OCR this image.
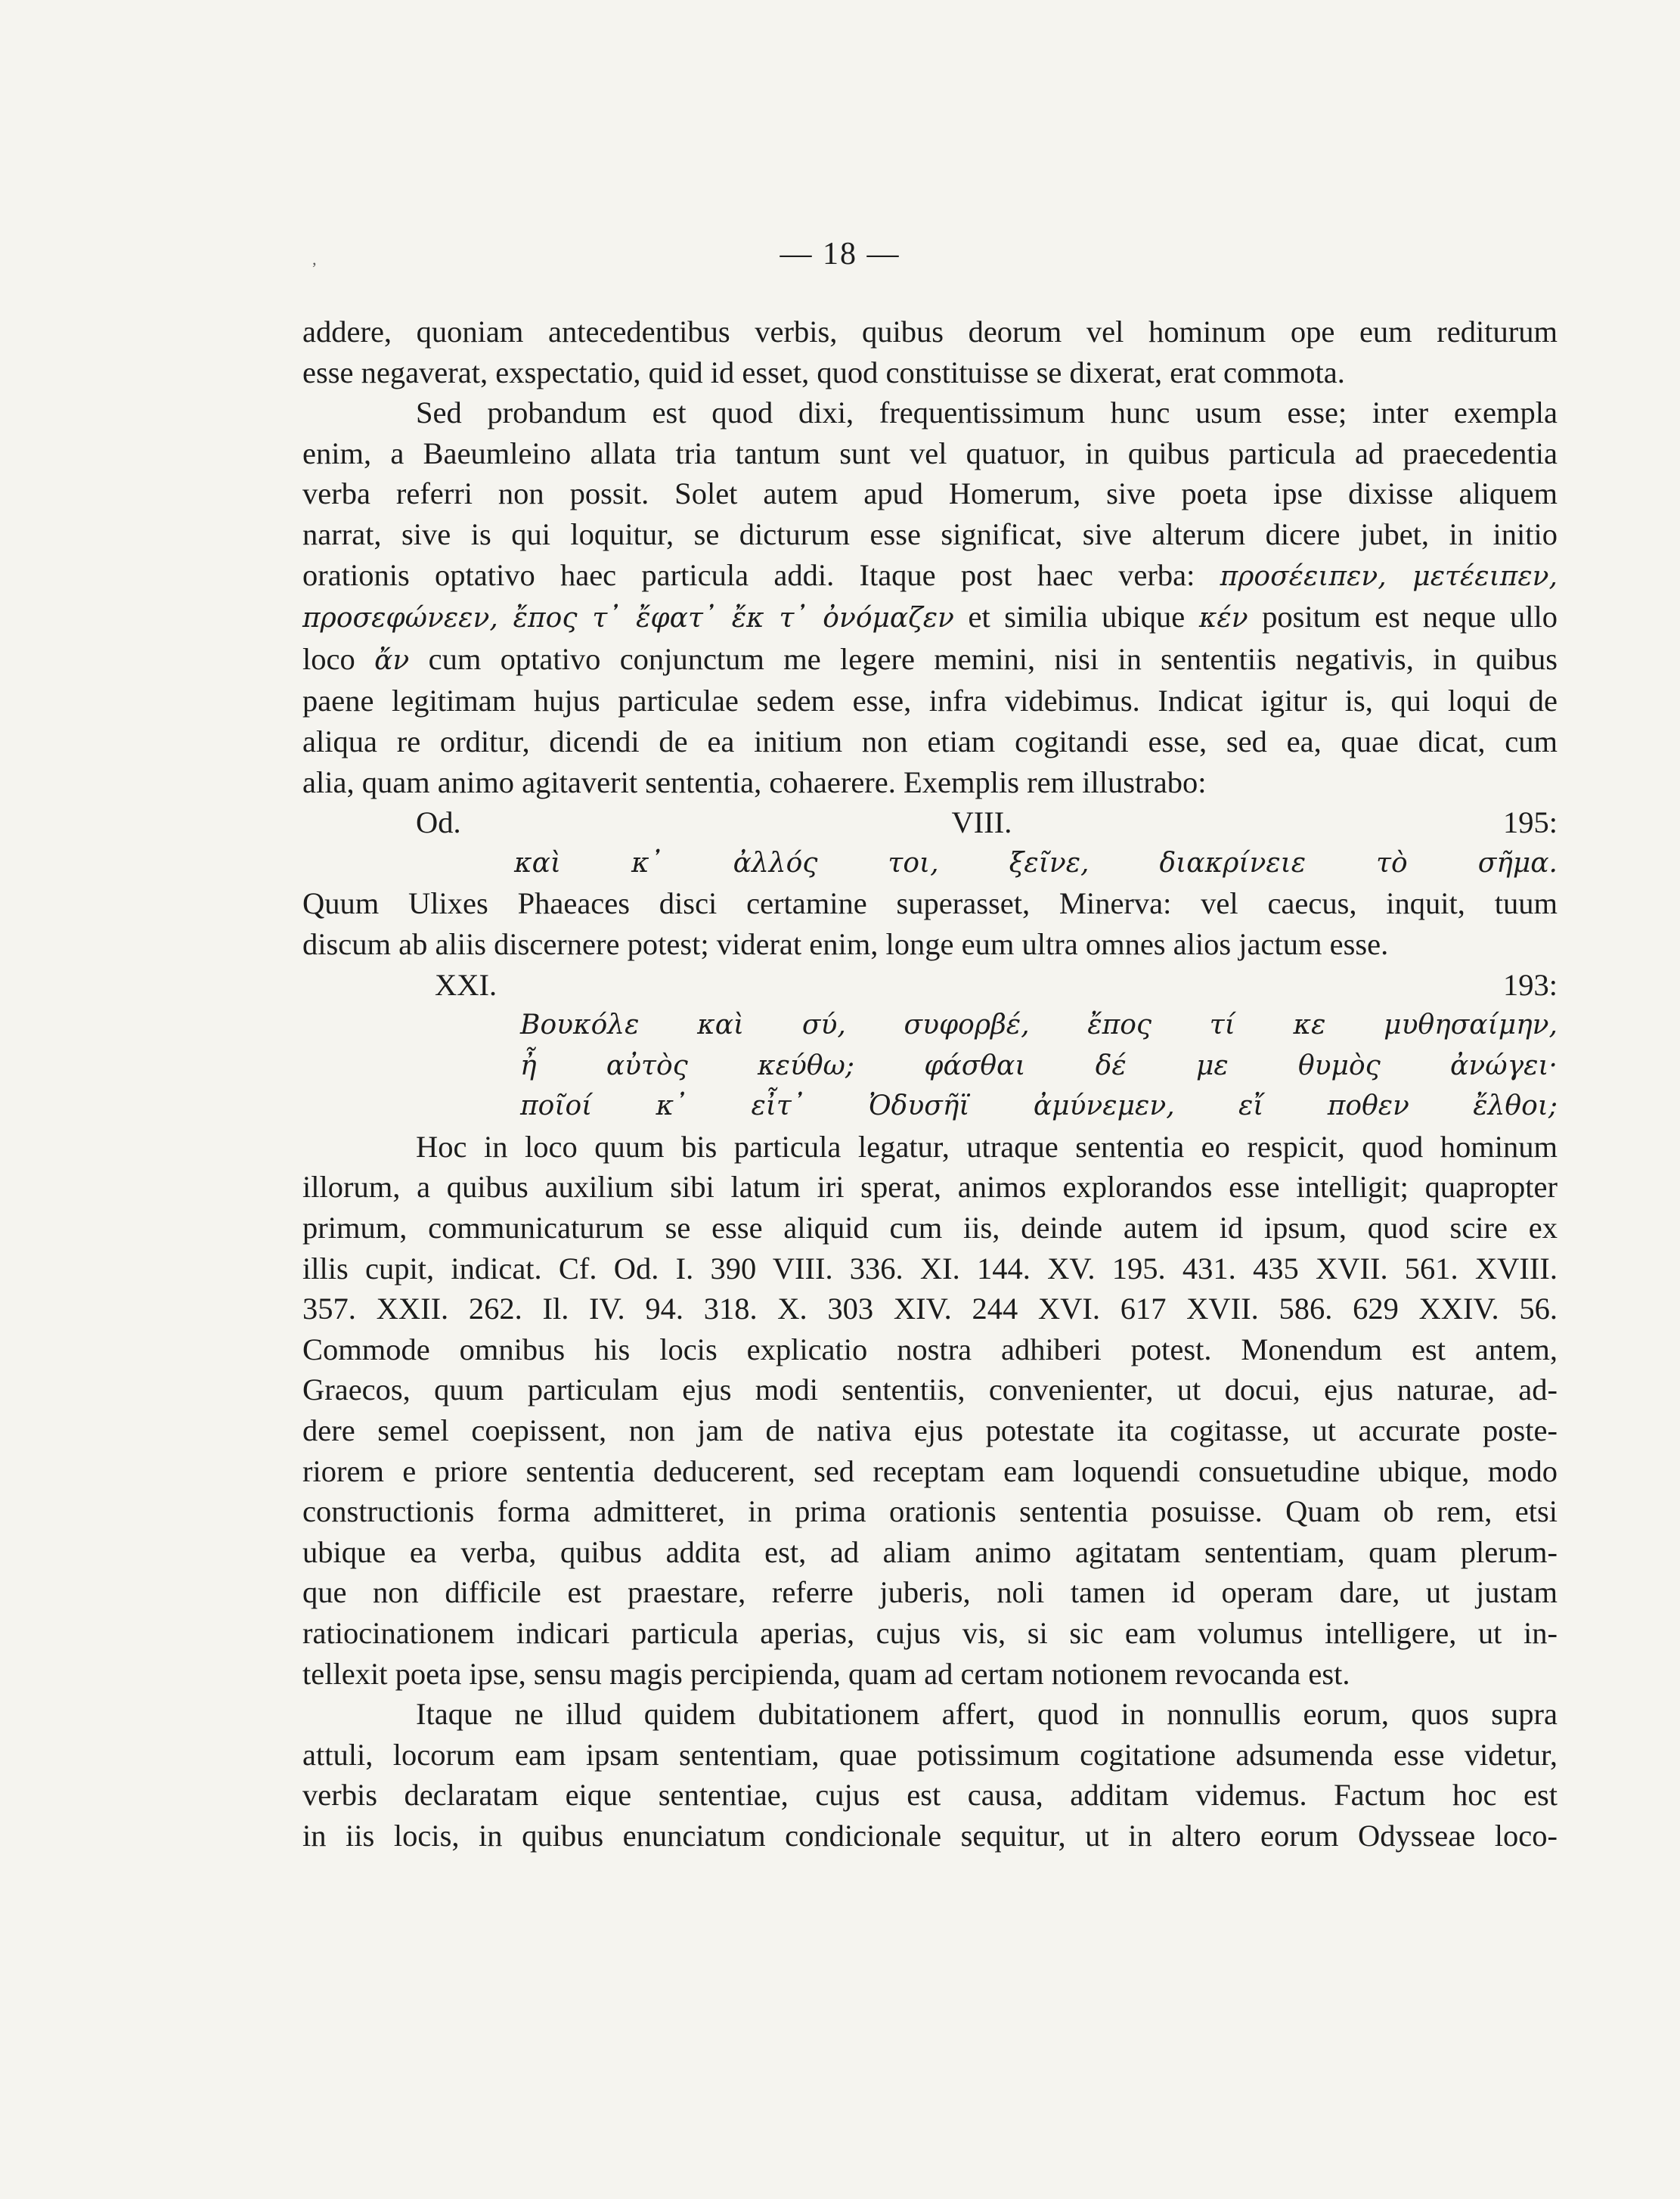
‚	— 18 —

addere, quoniam antecedentibus verbis, quibus deorum vel hominum ope eum rediturum

esse negaverat, exspectatio, quid id esset, quod constituisse se dixerat, erat commota.

Sed probandum est quod dixi, frequentissimum hunc usum esse; inter exempla

enim, a Baeumleino allata tria tantum sunt vel quatuor, in quibus particula ad praecedentia

verba referri non possit. Solet autem apud Homerum, sive poeta ipse dixisse aliquem

narrat, sive is qui loquitur, se dicturum esse significat, sive alterum dicere jubet, in initio

orationis optativo haec particula addi. Itaque post haec verba: προσέειπεν, μετέειπεν,

προσεφώνεεν, ἔπος τ᾿ ἔφατ᾿ ἔκ τ᾿ ὀνόμαζεν et similia ubique κέν positum est neque ullo

loco ἄν cum optativo conjunctum me legere memini, nisi in sententiis negativis, in quibus

paene legitimam hujus particulae sedem esse, infra videbimus. Indicat igitur is, qui loqui de

aliqua re orditur, dicendi de ea initium non etiam cogitandi esse, sed ea, quae dicat, cum

alia, quam animo agitaverit sententia, cohaerere. Exemplis rem illustrabo:

Od. VIII. 195:

καὶ κ᾿ ἀλλός τοι, ξεῖνε, διακρίνειε τὸ σῆμα.

Quum Ulixes Phaeaces disci certamine superasset, Minerva: vel caecus, inquit, tuum

discum ab aliis discernere potest; viderat enim, longe eum ultra omnes alios jactum esse.

XXI. 193:

Βουκόλε καὶ σύ, συφορβέ, ἔπος τί κε μυθησαίμην,

ἦ αὐτὸς κεύθω; φάσθαι δέ με θυμὸς ἀνώγει·

ποῖοί κ᾿ εἶτ᾿ Ὀδυσῆϊ ἀμύνεμεν, εἴ ποθεν ἔλθοι;

Hoc in loco quum bis particula legatur, utraque sententia eo respicit, quod hominum

illorum, a quibus auxilium sibi latum iri sperat, animos explorandos esse intelligit; quapropter

primum, communicaturum se esse aliquid cum iis, deinde autem id ipsum, quod scire ex

illis cupit, indicat. Cf. Od. I. 390 VIII. 336. XI. 144. XV. 195. 431. 435 XVII. 561. XVIII.

357. XXII. 262. Il. IV. 94. 318. X. 303 XIV. 244 XVI. 617 XVII. 586. 629 XXIV. 56.

Commode omnibus his locis explicatio nostra adhiberi potest. Monendum est antem,

Graecos, quum particulam ejus modi sententiis, convenienter, ut docui, ejus naturae, ad-

dere semel coepissent, non jam de nativa ejus potestate ita cogitasse, ut accurate poste-

riorem e priore sententia deducerent, sed receptam eam loquendi consuetudine ubique, modo

constructionis forma admitteret, in prima orationis sententia posuisse. Quam ob rem, etsi

ubique ea verba, quibus addita est, ad aliam animo agitatam sententiam, quam plerum-

que non difficile est praestare, referre juberis, noli tamen id operam dare, ut justam

ratiocinationem indicari particula aperias, cujus vis, si sic eam volumus intelligere, ut in-

tellexit poeta ipse, sensu magis percipienda, quam ad certam notionem revocanda est.

Itaque ne illud quidem dubitationem affert, quod in nonnullis eorum, quos supra

attuli, locorum eam ipsam sententiam, quae potissimum cogitatione adsumenda esse videtur,

verbis declaratam eique sententiae, cujus est causa, additam videmus. Factum hoc est

in iis locis, in quibus enunciatum condicionale sequitur, ut in altero eorum Odysseae loco-
